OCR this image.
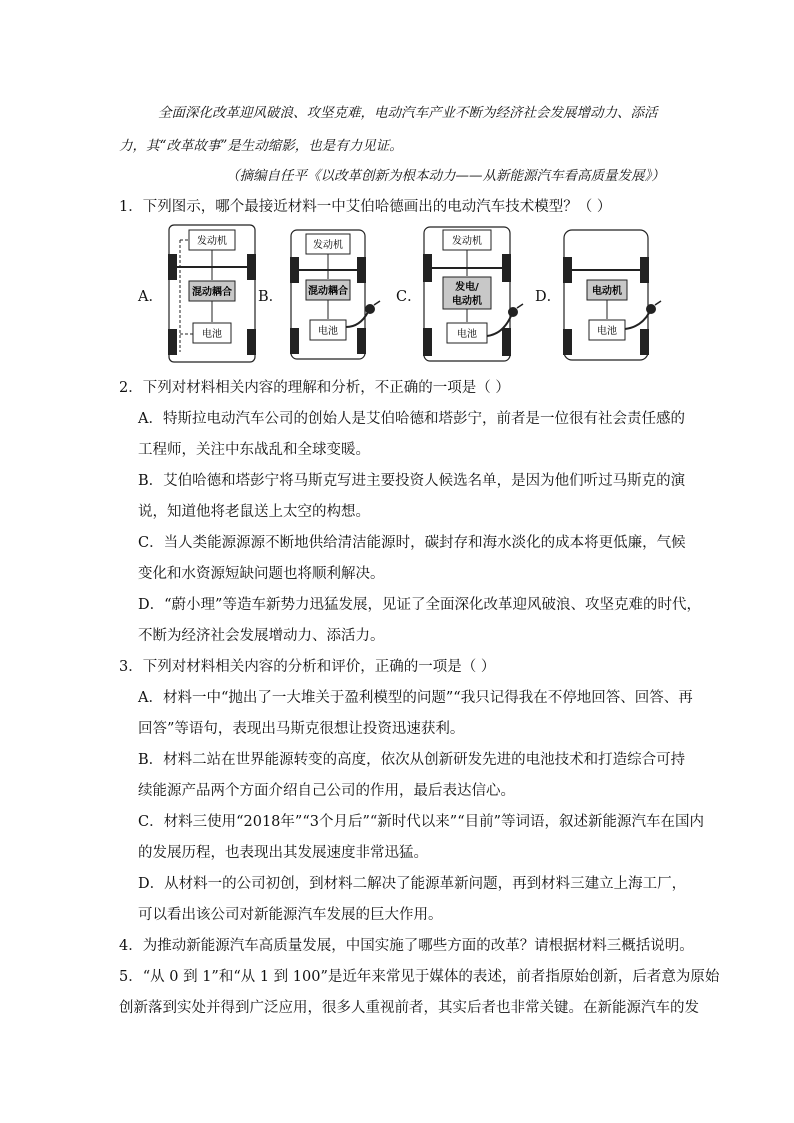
全面深化改革迎风破浪、攻坚克难，电动汽车产业不断为经济社会发展增动力、添活
力，其“改革故事”是生动缩影，也是有力见证。
（摘编自任平《以改革创新为根本动力——从新能源汽车看高质量发展》）
1．下列图示，哪个最接近材料一中艾伯哈德画出的电动汽车技术模型？（ ）
A．
发动机
混动耦合
电池
B．
发动机
混动耦合
电池
C．
发动机
发电/
电动机
电池
D．	电动机
电池
2．下列对材料相关内容的理解和分析，不正确的一项是（ ）
A．特斯拉电动汽车公司的创始人是艾伯哈德和塔彭宁，前者是一位很有社会责任感的
工程师，关注中东战乱和全球变暖。
B．艾伯哈德和塔彭宁将马斯克写进主要投资人候选名单，是因为他们听过马斯克的演
说，知道他将老鼠送上太空的构想。
C．当人类能源源源不断地供给清洁能源时，碳封存和海水淡化的成本将更低廉，气候
变化和水资源短缺问题也将顺利解决。
D．“蔚小理”等造车新势力迅猛发展，见证了全面深化改革迎风破浪、攻坚克难的时代，
不断为经济社会发展增动力、添活力。
3．下列对材料相关内容的分析和评价，正确的一项是（ ）
A．材料一中“抛出了一大堆关于盈利模型的问题”“我只记得我在不停地回答、回答、再
回答”等语句，表现出马斯克很想让投资迅速获利。
B．材料二站在世界能源转变的高度，依次从创新研发先进的电池技术和打造综合可持
续能源产品两个方面介绍自己公司的作用，最后表达信心。
C．材料三使用“2018年”“3个月后”“新时代以来”“目前”等词语，叙述新能源汽车在国内
的发展历程，也表现出其发展速度非常迅猛。
D．从材料一的公司初创，到材料二解决了能源革新问题，再到材料三建立上海工厂，
可以看出该公司对新能源汽车发展的巨大作用。
4．为推动新能源汽车高质量发展，中国实施了哪些方面的改革？请根据材料三概括说明。
5．“从 0 到 1”和“从 1 到 100”是近年来常见于媒体的表述，前者指原始创新，后者意为原始
创新落到实处并得到广泛应用，很多人重视前者，其实后者也非常关键。在新能源汽车的发
